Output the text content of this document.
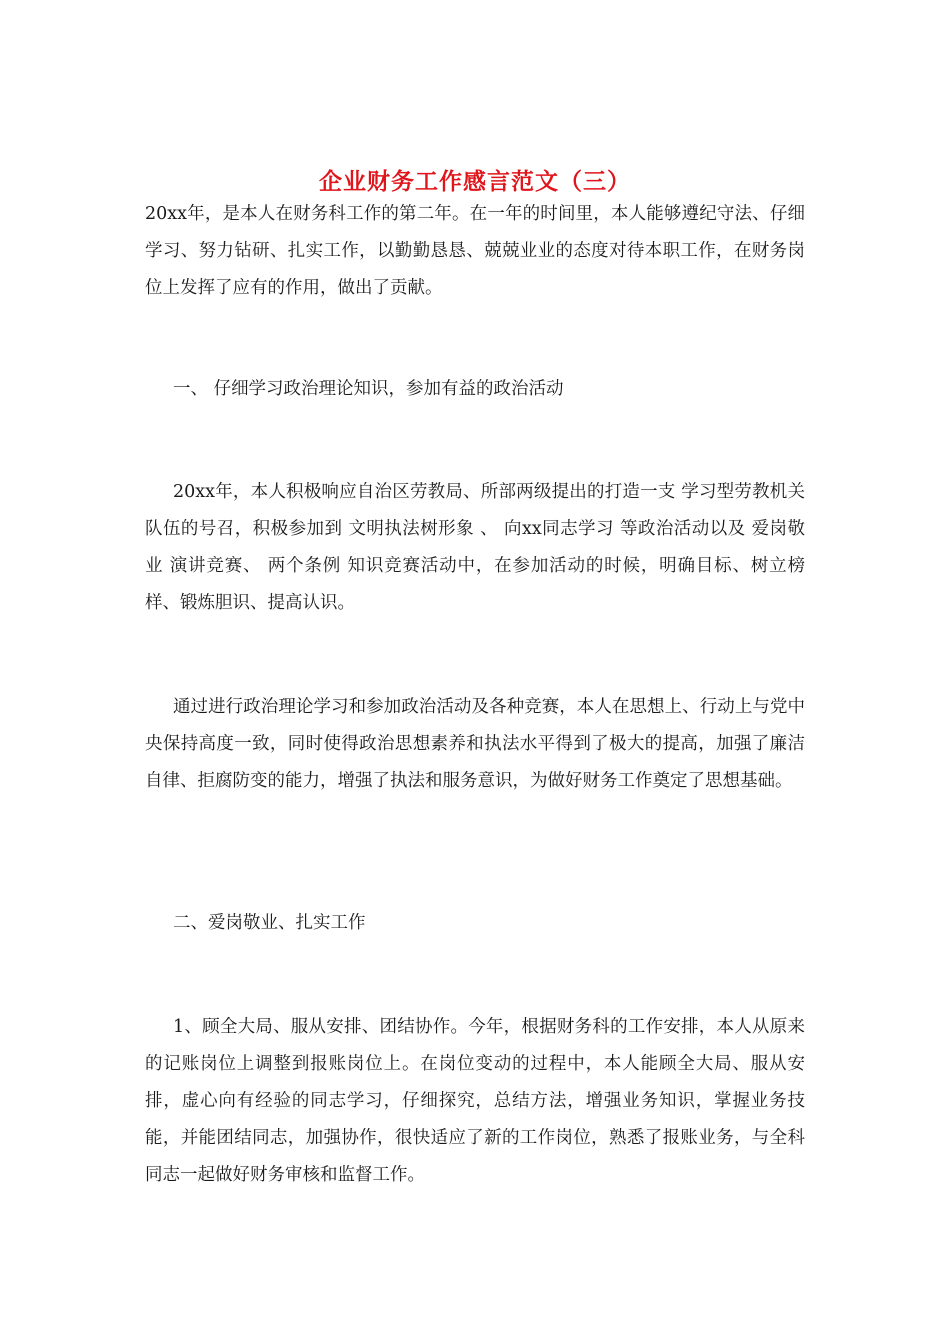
企业财务工作感言范文（三）

20xx年，是本人在财务科工作的第二年。在一年的时间里，本人能够遵纪守法、仔细学习、努力钻研、扎实工作，以勤勤恳恳、兢兢业业的态度对待本职工作，在财务岗位上发挥了应有的作用，做出了贡献。

一、 仔细学习政治理论知识，参加有益的政治活动

20xx年，本人积极响应自治区劳教局、所部两级提出的打造一支 学习型劳教机关 队伍的号召，积极参加到 文明执法树形象 、 向xx同志学习 等政治活动以及 爱岗敬业 演讲竞赛、 两个条例 知识竞赛活动中，在参加活动的时候，明确目标、树立榜样、锻炼胆识、提高认识。

通过进行政治理论学习和参加政治活动及各种竞赛，本人在思想上、行动上与党中央保持高度一致，同时使得政治思想素养和执法水平得到了极大的提高，加强了廉洁自律、拒腐防变的能力，增强了执法和服务意识，为做好财务工作奠定了思想基础。

二、爱岗敬业、扎实工作

1、顾全大局、服从安排、团结协作。今年，根据财务科的工作安排，本人从原来的记账岗位上调整到报账岗位上。在岗位变动的过程中，本人能顾全大局、服从安排，虚心向有经验的同志学习，仔细探究，总结方法，增强业务知识，掌握业务技能，并能团结同志，加强协作，很快适应了新的工作岗位，熟悉了报账业务，与全科同志一起做好财务审核和监督工作。
